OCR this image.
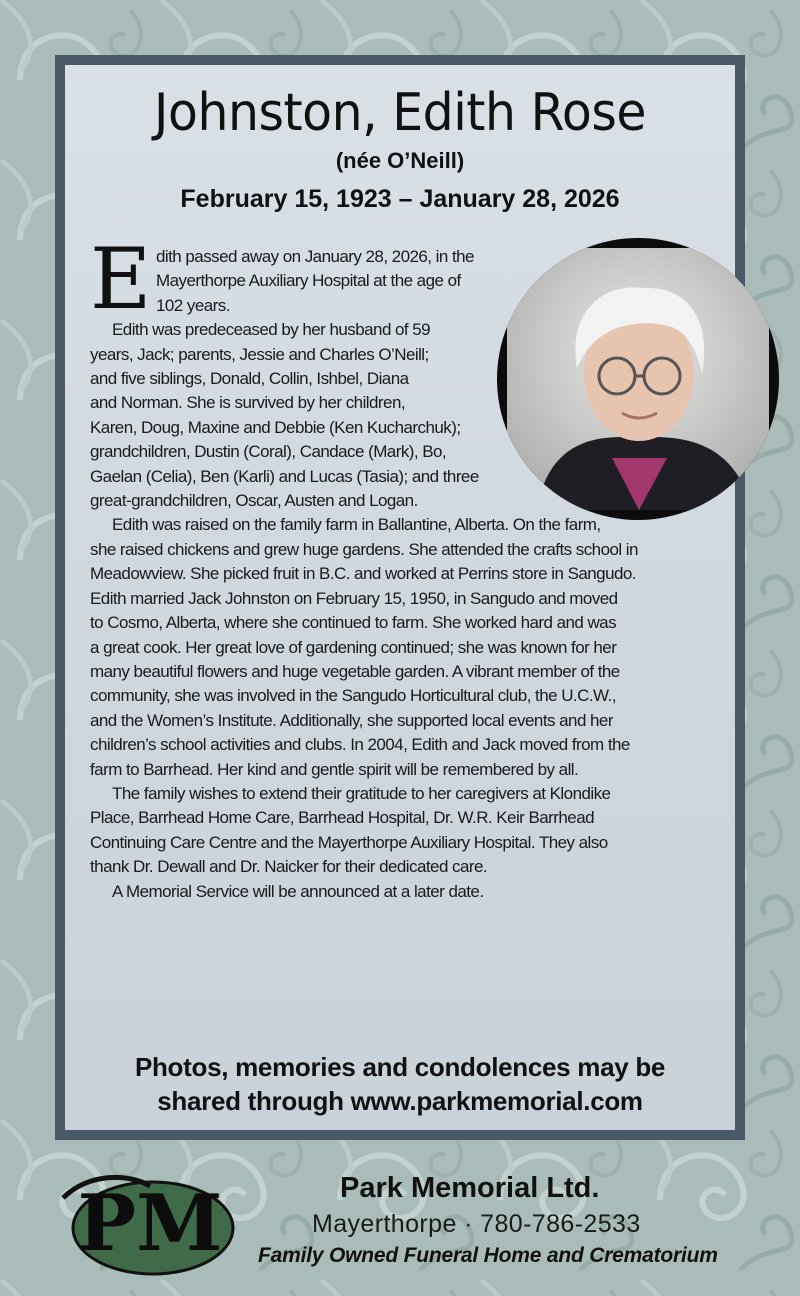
Johnston, Edith Rose
(née O’Neill)
February 15, 1923 – January 28, 2026
E dith passed away on January 28, 2026, in the
Mayerthorpe Auxiliary Hospital at the age of
102 years.
Edith was predeceased by her husband of 59
years, Jack; parents, Jessie and Charles O’Neill;
and five siblings, Donald, Collin, Ishbel, Diana
and Norman. She is survived by her children,
Karen, Doug, Maxine and Debbie (Ken Kucharchuk);
grandchildren, Dustin (Coral), Candace (Mark), Bo,
Gaelan (Celia), Ben (Karli) and Lucas (Tasia); and three
great-grandchildren, Oscar, Austen and Logan.
Edith was raised on the family farm in Ballantine, Alberta. On the farm,
she raised chickens and grew huge gardens. She attended the crafts school in
Meadowview. She picked fruit in B.C. and worked at Perrins store in Sangudo.
Edith married Jack Johnston on February 15, 1950, in Sangudo and moved
to Cosmo, Alberta, where she continued to farm. She worked hard and was
a great cook. Her great love of gardening continued; she was known for her
many beautiful flowers and huge vegetable garden. A vibrant member of the
community, she was involved in the Sangudo Horticultural club, the U.C.W.,
and the Women’s Institute. Additionally, she supported local events and her
children’s school activities and clubs. In 2004, Edith and Jack moved from the
farm to Barrhead. Her kind and gentle spirit will be remembered by all.
The family wishes to extend their gratitude to her caregivers at Klondike
Place, Barrhead Home Care, Barrhead Hospital, Dr. W.R. Keir Barrhead
Continuing Care Centre and the Mayerthorpe Auxiliary Hospital. They also
thank Dr. Dewall and Dr. Naicker for their dedicated care.
A Memorial Service will be announced at a later date.
Photos, memories and condolences may be
shared through www.parkmemorial.com
PM	Park Memorial Ltd.
Mayerthorpe · 780-786-2533
Family Owned Funeral Home and Crematorium
